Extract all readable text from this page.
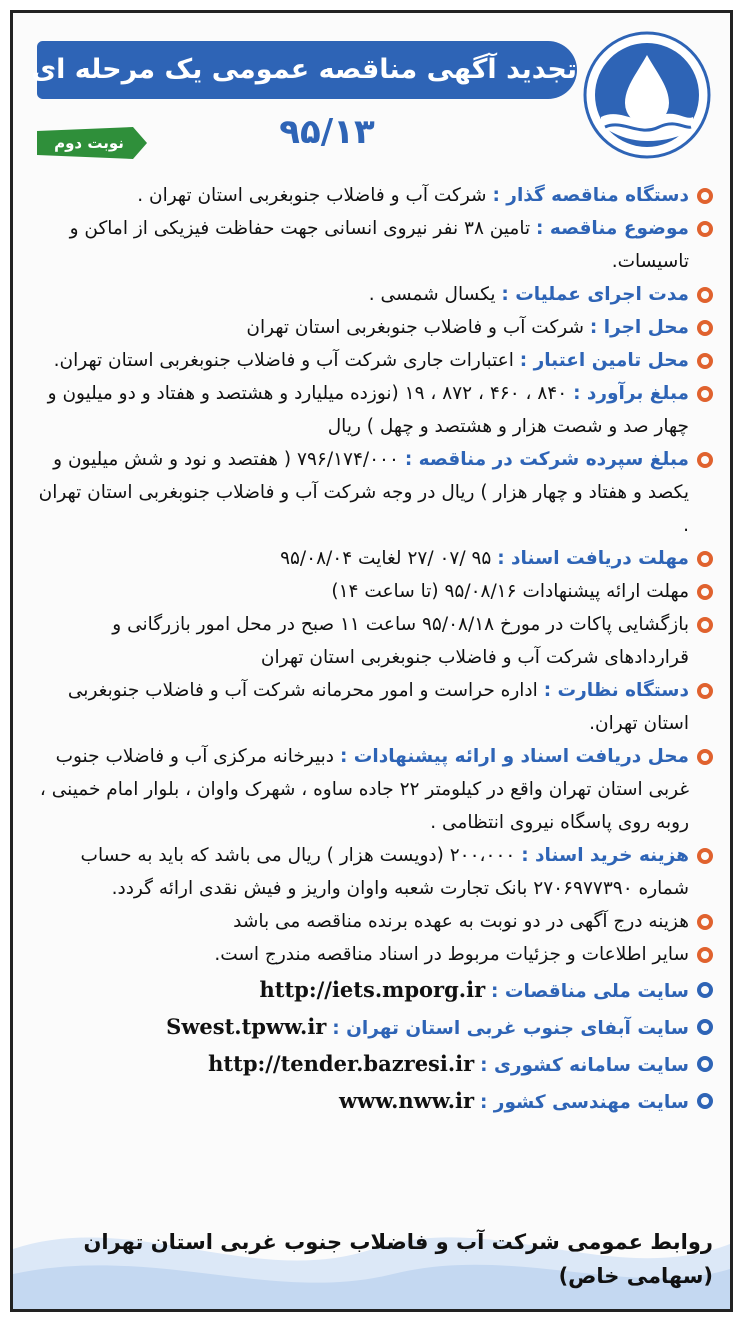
تجدید آگهی مناقصه عمومی یک مرحله ای
۹۵/۱۳
نوبت دوم
دستگاه مناقصه گذار : شرکت آب و فاضلاب جنوبغربی استان تهران .
موضوع مناقصه : تامین ۳۸ نفر نیروی انسانی جهت حفاظت فیزیکی از اماکن و تاسیسات.
مدت اجرای عملیات : یکسال شمسی .
محل اجرا : شرکت آب و فاضلاب جنوبغربی استان تهران
محل تامین اعتبار : اعتبارات جاری شرکت آب و فاضلاب جنوبغربی استان تهران.
مبلغ برآورد : ۸۴۰ ، ۴۶۰ ، ۸۷۲ ، ۱۹ (نوزده میلیارد و هشتصد و هفتاد و دو میلیون و چهار صد و شصت هزار و هشتصد و چهل ) ریال
مبلغ سپرده شرکت در مناقصه : ۷۹۶/۱۷۴/۰۰۰ ( هفتصد و نود و شش میلیون و یکصد و هفتاد و چهار هزار ) ریال در وجه شرکت آب و فاضلاب جنوبغربی استان تهران .
مهلت دریافت اسناد : ۹۵ /۰۷ /۲۷ لغایت ۹۵/۰۸/۰۴
مهلت ارائه پیشنهادات ۹۵/۰۸/۱۶ (تا ساعت ۱۴)
بازگشایی پاکات در مورخ ۹۵/۰۸/۱۸ ساعت ۱۱ صبح در محل امور بازرگانی و قراردادهای شرکت آب و فاضلاب جنوبغربی استان تهران
دستگاه نظارت : اداره حراست و امور محرمانه شرکت آب و فاضلاب جنوبغربی استان تهران.
محل دریافت اسناد و ارائه پیشنهادات : دبیرخانه مرکزی آب و فاضلاب جنوب غربی استان تهران واقع در کیلومتر ۲۲ جاده ساوه ، شهرک واوان ، بلوار امام خمینی ، روبه روی پاسگاه نیروی انتظامی .
هزینه خرید اسناد : ۲۰۰،۰۰۰ (دویست هزار ) ریال می باشد که باید به حساب شماره ۲۷۰۶۹۷۷۳۹۰ بانک تجارت شعبه واوان واریز و فیش نقدی ارائه گردد.
هزینه درج آگهی در دو نوبت به عهده برنده مناقصه می باشد
سایر اطلاعات و جزئیات مربوط در اسناد مناقصه مندرج است.
سایت ملی مناقصات : http://iets.mporg.ir
سایت آبفای جنوب غربی استان تهران : Swest.tpww.ir
سایت سامانه کشوری : http://tender.bazresi.ir
سایت مهندسی کشور : www.nww.ir
روابط عمومی شرکت آب و فاضلاب جنوب غربی استان تهران
(سهامی خاص)
